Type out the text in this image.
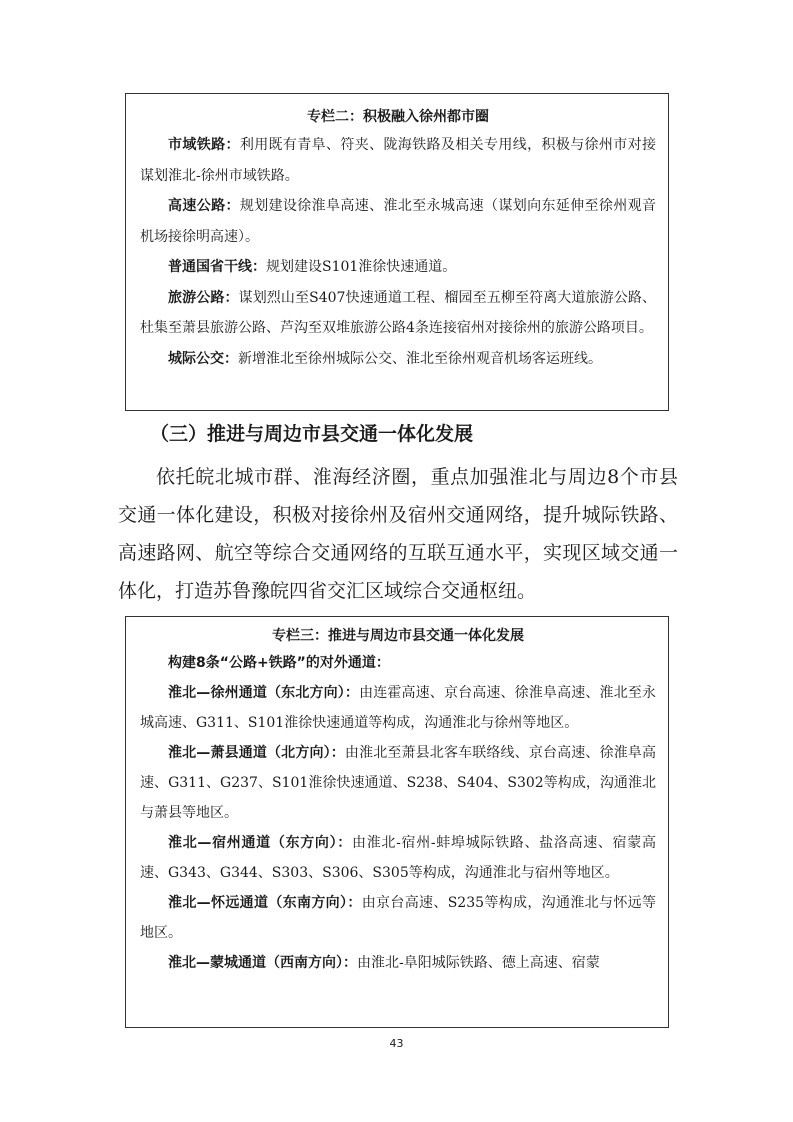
专栏二：积极融入徐州都市圈

市域铁路：利用既有青阜、符夹、陇海铁路及相关专用线，积极与徐州市对接谋划淮北-徐州市域铁路。

高速公路：规划建设徐淮阜高速、淮北至永城高速（谋划向东延伸至徐州观音机场接徐明高速）。

普通国省干线：规划建设S101淮徐快速通道。

旅游公路：谋划烈山至S407快速通道工程、榴园至五柳至符离大道旅游公路、杜集至萧县旅游公路、芦沟至双堆旅游公路4条连接宿州对接徐州的旅游公路项目。

城际公交：新增淮北至徐州城际公交、淮北至徐州观音机场客运班线。

（三）推进与周边市县交通一体化发展

依托皖北城市群、淮海经济圈，重点加强淮北与周边8个市县交通一体化建设，积极对接徐州及宿州交通网络，提升城际铁路、高速路网、航空等综合交通网络的互联互通水平，实现区域交通一体化，打造苏鲁豫皖四省交汇区域综合交通枢纽。

专栏三：推进与周边市县交通一体化发展

构建8条“公路+铁路”的对外通道：

淮北—徐州通道（东北方向）：由连霍高速、京台高速、徐淮阜高速、淮北至永城高速、G311、S101淮徐快速通道等构成，沟通淮北与徐州等地区。

淮北—萧县通道（北方向）：由淮北至萧县北客车联络线、京台高速、徐淮阜高速、G311、G237、S101淮徐快速通道、S238、S404、S302等构成，沟通淮北与萧县等地区。

淮北—宿州通道（东方向）：由淮北-宿州-蚌埠城际铁路、盐洛高速、宿蒙高速、G343、G344、S303、S306、S305等构成，沟通淮北与宿州等地区。

淮北—怀远通道（东南方向）：由京台高速、S235等构成，沟通淮北与怀远等地区。

淮北—蒙城通道（西南方向）：由淮北-阜阳城际铁路、德上高速、宿蒙

43
